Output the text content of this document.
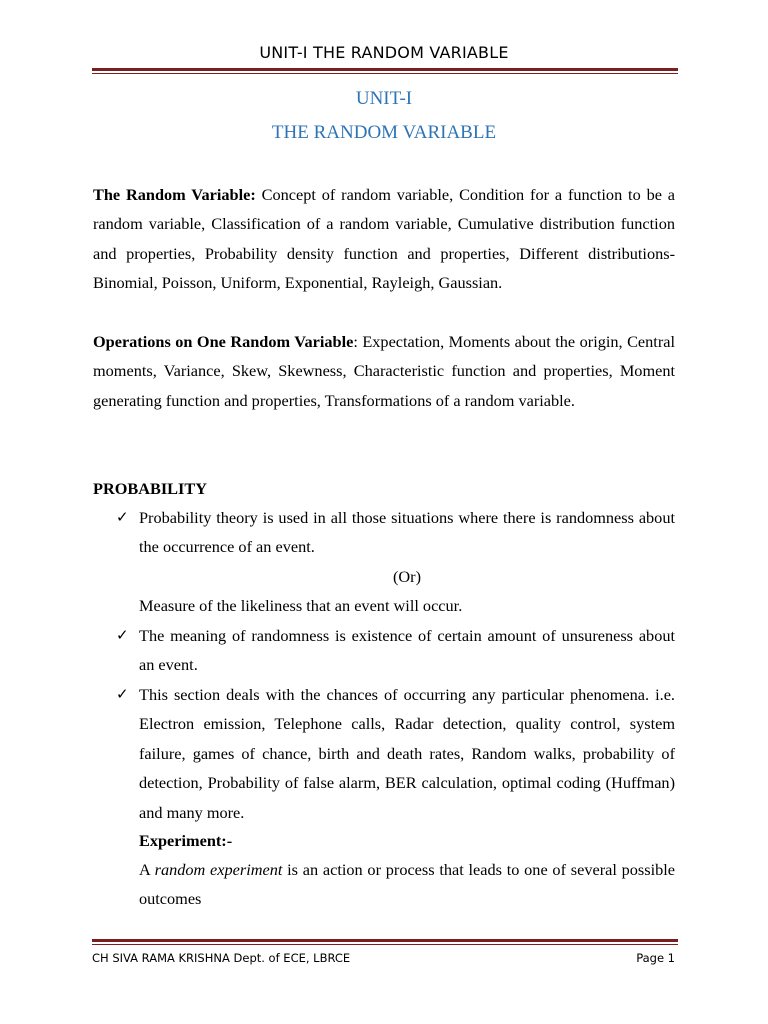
UNIT-I THE RANDOM VARIABLE
UNIT-I
THE RANDOM VARIABLE
The Random Variable: Concept of random variable, Condition for a function to be a random variable, Classification of a random variable, Cumulative distribution function and properties, Probability density function and properties, Different distributions-Binomial, Poisson, Uniform, Exponential, Rayleigh, Gaussian.
Operations on One Random Variable: Expectation, Moments about the origin, Central moments, Variance, Skew, Skewness, Characteristic function and properties, Moment generating function and properties, Transformations of a random variable.
PROBABILITY
✓ Probability theory is used in all those situations where there is randomness about the occurrence of an event.
(Or)
Measure of the likeliness that an event will occur.
✓ The meaning of randomness is existence of certain amount of unsureness about an event.
✓ This section deals with the chances of occurring any particular phenomena. i.e. Electron emission, Telephone calls, Radar detection, quality control, system failure, games of chance, birth and death rates, Random walks, probability of detection, Probability of false alarm, BER calculation, optimal coding (Huffman) and many more.
Experiment:-
A random experiment is an action or process that leads to one of several possible outcomes
CH SIVA RAMA KRISHNA Dept. of ECE, LBRCE	Page 1
